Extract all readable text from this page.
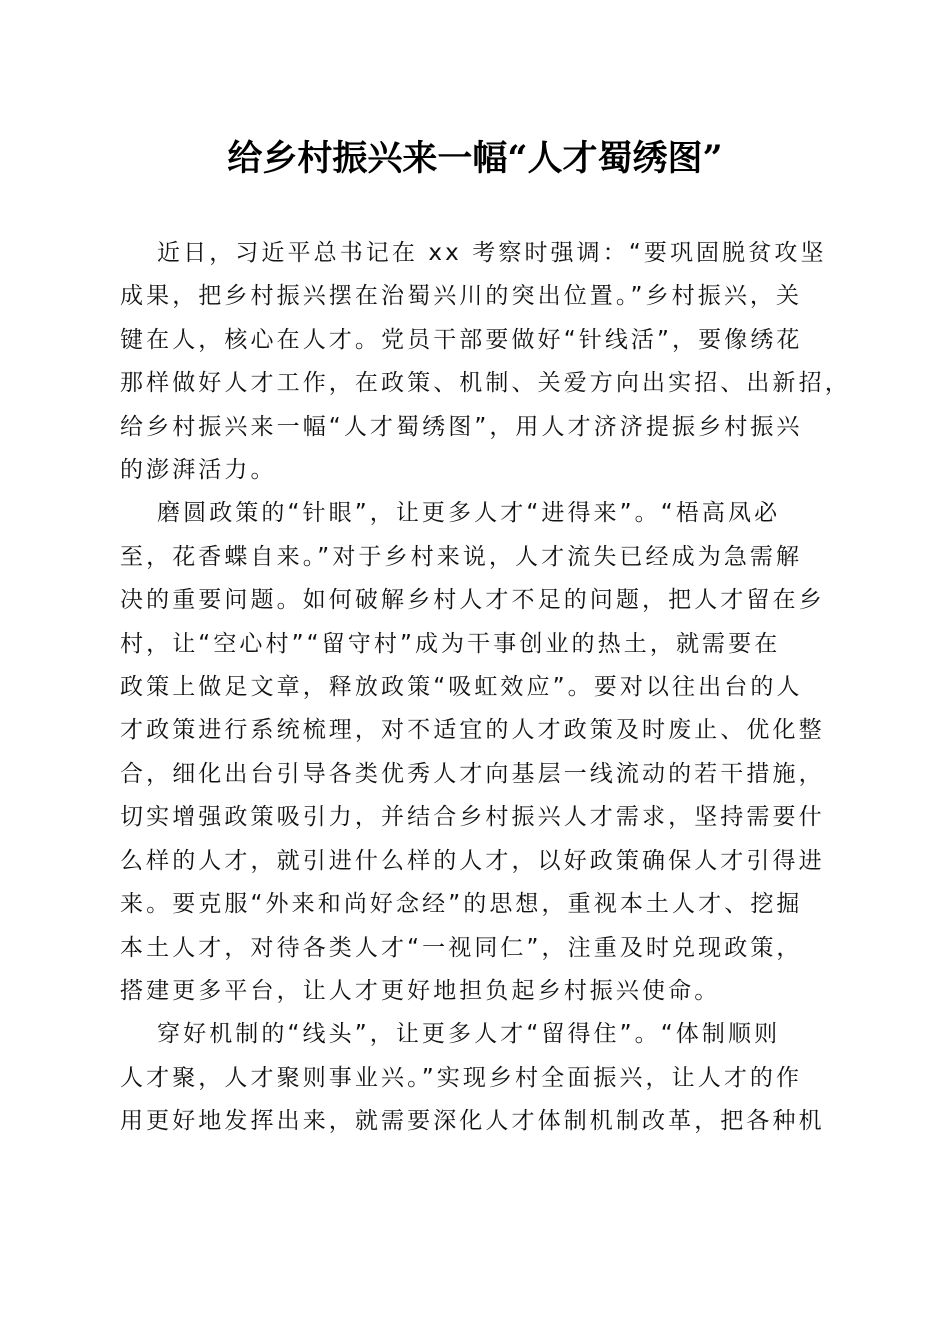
给乡村振兴来一幅“人才蜀绣图”
近日，习近平总书记在 xx 考察时强调：“要巩固脱贫攻坚
成果，把乡村振兴摆在治蜀兴川的突出位置。”乡村振兴，关
键在人，核心在人才。党员干部要做好“针线活”，要像绣花
那样做好人才工作，在政策、机制、关爱方向出实招、出新招，
给乡村振兴来一幅“人才蜀绣图”，用人才济济提振乡村振兴
的澎湃活力。
磨圆政策的“针眼”，让更多人才“进得来”。“梧高凤必
至，花香蝶自来。”对于乡村来说，人才流失已经成为急需解
决的重要问题。如何破解乡村人才不足的问题，把人才留在乡
村，让“空心村”“留守村”成为干事创业的热土，就需要在
政策上做足文章，释放政策“吸虹效应”。要对以往出台的人
才政策进行系统梳理，对不适宜的人才政策及时废止、优化整
合，细化出台引导各类优秀人才向基层一线流动的若干措施，
切实增强政策吸引力，并结合乡村振兴人才需求，坚持需要什
么样的人才，就引进什么样的人才，以好政策确保人才引得进
来。要克服“外来和尚好念经”的思想，重视本土人才、挖掘
本土人才，对待各类人才“一视同仁”，注重及时兑现政策，
搭建更多平台，让人才更好地担负起乡村振兴使命。
穿好机制的“线头”，让更多人才“留得住”。“体制顺则
人才聚，人才聚则事业兴。”实现乡村全面振兴，让人才的作
用更好地发挥出来，就需要深化人才体制机制改革，把各种机
